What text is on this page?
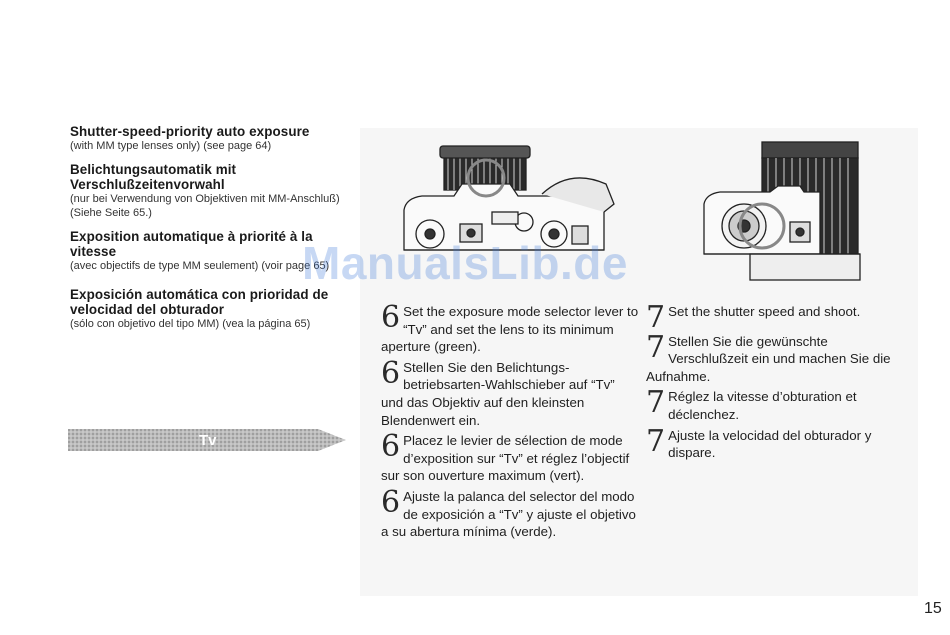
Shutter-speed-priority auto exposure
(with MM type lenses only) (see page 64)
Belichtungsautomatik mit Verschlußzeitenvorwahl
(nur bei Verwendung von Objektiven mit MM-Anschluß) (Siehe Seite 65.)
Exposition automatique à priorité à la vitesse
(avec objectifs de type MM seulement) (voir page 65)
Exposición automática con prioridad de velocidad del obturador
(sólo con objetivo del tipo MM) (vea la página 65)
Tv
6 Set the exposure mode selector lever to “Tv” and set the lens to its minimum aperture (green).
6 Stellen Sie den Belichtungs-betriebsarten-Wahlschieber auf “Tv” und das Objektiv auf den kleinsten Blendenwert ein.
6 Placez le levier de sélection de mode d’exposition sur “Tv” et réglez l’objectif sur son ouverture maximum (vert).
6 Ajuste la palanca del selector del modo de exposición a “Tv” y ajuste el objetivo a su abertura mínima (verde).
7 Set the shutter speed and shoot.
7 Stellen Sie die gewünschte Verschlußzeit ein und machen Sie die Aufnahme.
7 Réglez la vitesse d’obturation et déclenchez.
7 Ajuste la velocidad del obturador y dispare.
ManualsLib.de
15
